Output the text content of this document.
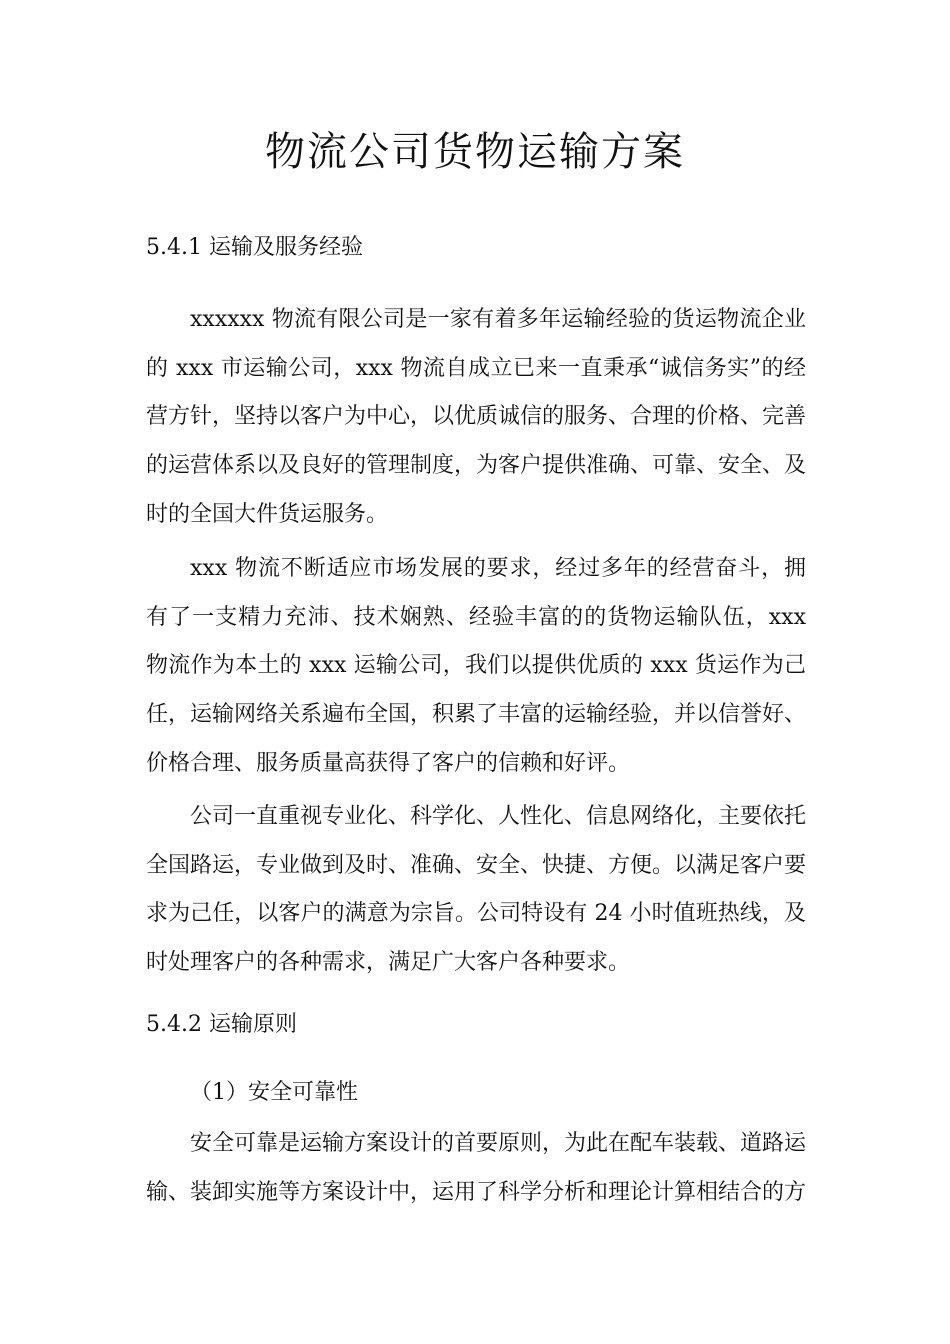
物流公司货物运输方案
5.4.1 运输及服务经验

xxxxxx 物流有限公司是一家有着多年运输经验的货运物流企业的 xxx 市运输公司，xxx 物流自成立已来一直秉承“诚信务实”的经营方针，坚持以客户为中心，以优质诚信的服务、合理的价格、完善的运营体系以及良好的管理制度，为客户提供准确、可靠、安全、及时的全国大件货运服务。

xxx 物流不断适应市场发展的要求，经过多年的经营奋斗，拥有了一支精力充沛、技术娴熟、经验丰富的的货物运输队伍，xxx 物流作为本土的 xxx 运输公司，我们以提供优质的 xxx 货运作为己任，运输网络关系遍布全国，积累了丰富的运输经验，并以信誉好、价格合理、服务质量高获得了客户的信赖和好评。

公司一直重视专业化、科学化、人性化、信息网络化，主要依托全国路运，专业做到及时、准确、安全、快捷、方便。以满足客户要求为己任，以客户的满意为宗旨。公司特设有 24 小时值班热线，及时处理客户的各种需求，满足广大客户各种要求。

5.4.2 运输原则
（1）安全可靠性

安全可靠是运输方案设计的首要原则，为此在配车装载、道路运输、装卸实施等方案设计中，运用了科学分析和理论计算相结合的方
